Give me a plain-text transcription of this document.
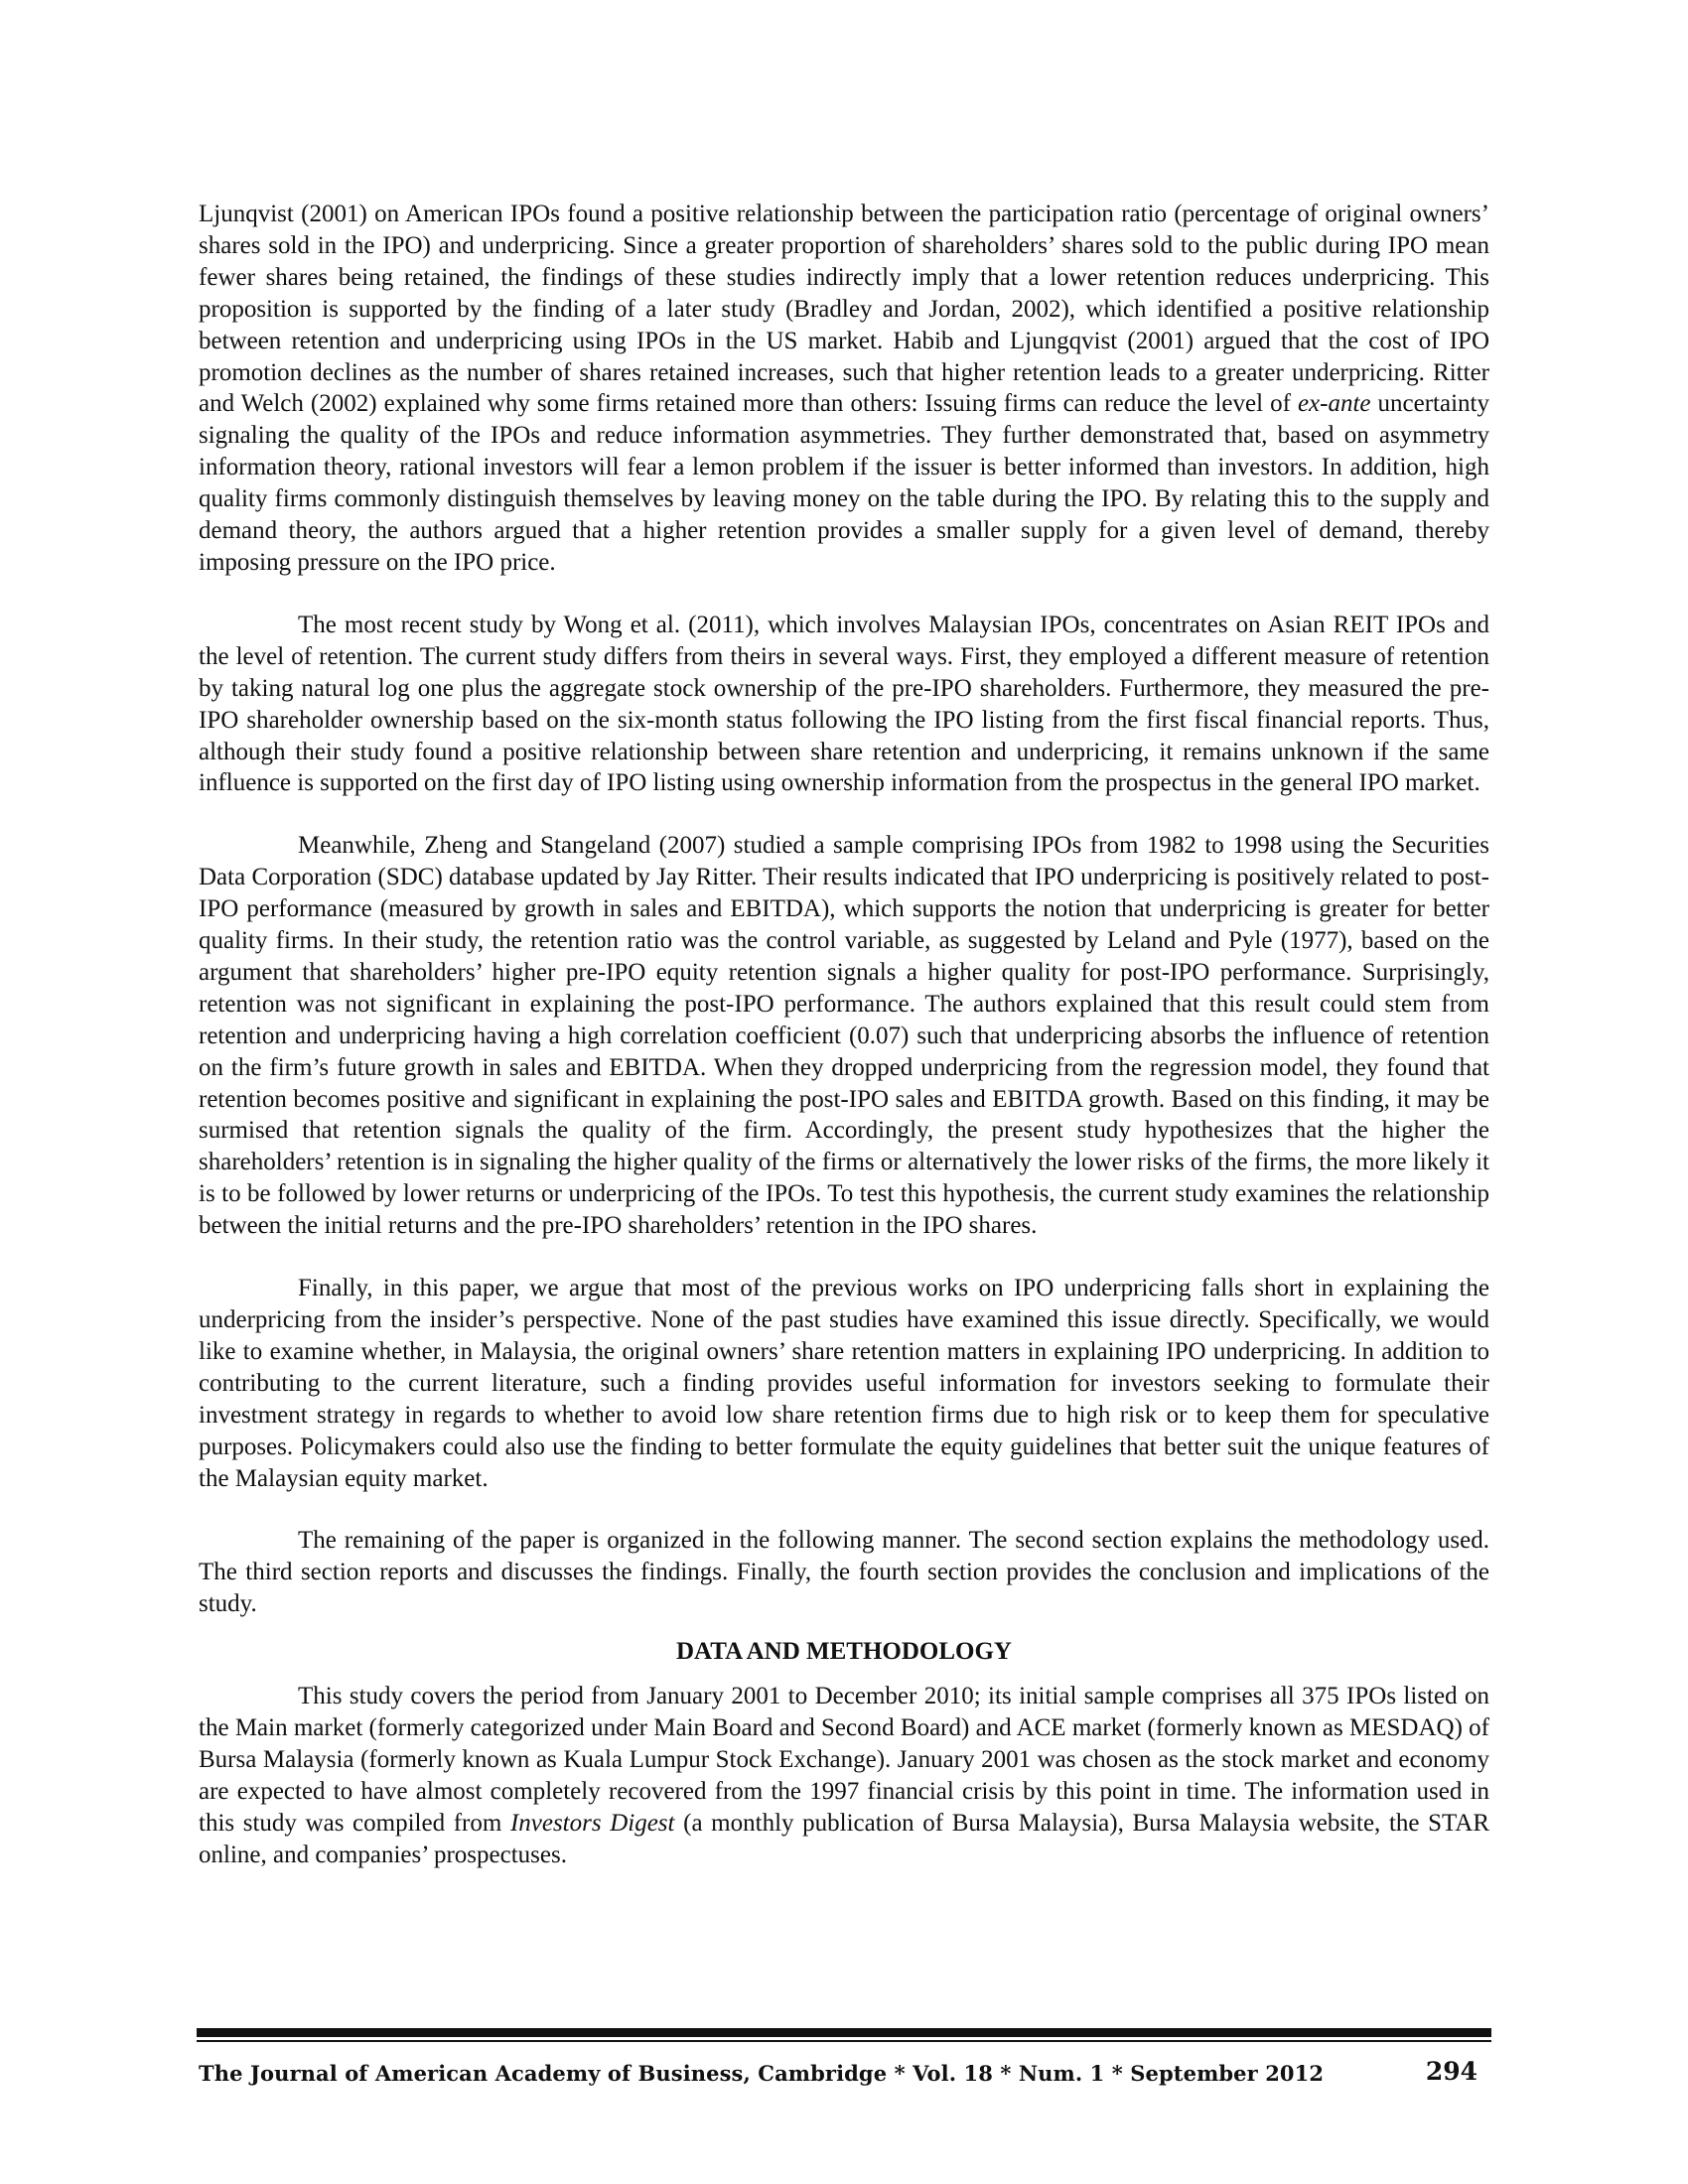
Ljunqvist (2001) on American IPOs found a positive relationship between the participation ratio (percentage of original owners’ shares sold in the IPO) and underpricing. Since a greater proportion of shareholders’ shares sold to the public during IPO mean fewer shares being retained, the findings of these studies indirectly imply that a lower retention reduces underpricing. This proposition is supported by the finding of a later study (Bradley and Jordan, 2002), which identified a positive relationship between retention and underpricing using IPOs in the US market. Habib and Ljungqvist (2001) argued that the cost of IPO promotion declines as the number of shares retained increases, such that higher retention leads to a greater underpricing. Ritter and Welch (2002) explained why some firms retained more than others: Issuing firms can reduce the level of ex-ante uncertainty signaling the quality of the IPOs and reduce information asymmetries. They further demonstrated that, based on asymmetry information theory, rational investors will fear a lemon problem if the issuer is better informed than investors. In addition, high quality firms commonly distinguish themselves by leaving money on the table during the IPO. By relating this to the supply and demand theory, the authors argued that a higher retention provides a smaller supply for a given level of demand, thereby imposing pressure on the IPO price.

The most recent study by Wong et al. (2011), which involves Malaysian IPOs, concentrates on Asian REIT IPOs and the level of retention. The current study differs from theirs in several ways. First, they employed a different measure of retention by taking natural log one plus the aggregate stock ownership of the pre-IPO shareholders. Furthermore, they measured the pre-IPO shareholder ownership based on the six-month status following the IPO listing from the first fiscal financial reports. Thus, although their study found a positive relationship between share retention and underpricing, it remains unknown if the same influence is supported on the first day of IPO listing using ownership information from the prospectus in the general IPO market.

Meanwhile, Zheng and Stangeland (2007) studied a sample comprising IPOs from 1982 to 1998 using the Securities Data Corporation (SDC) database updated by Jay Ritter. Their results indicated that IPO underpricing is positively related to post-IPO performance (measured by growth in sales and EBITDA), which supports the notion that underpricing is greater for better quality firms. In their study, the retention ratio was the control variable, as suggested by Leland and Pyle (1977), based on the argument that shareholders’ higher pre-IPO equity retention signals a higher quality for post-IPO performance. Surprisingly, retention was not significant in explaining the post-IPO performance. The authors explained that this result could stem from retention and underpricing having a high correlation coefficient (0.07) such that underpricing absorbs the influence of retention on the firm’s future growth in sales and EBITDA. When they dropped underpricing from the regression model, they found that retention becomes positive and significant in explaining the post-IPO sales and EBITDA growth. Based on this finding, it may be surmised that retention signals the quality of the firm. Accordingly, the present study hypothesizes that the higher the shareholders’ retention is in signaling the higher quality of the firms or alternatively the lower risks of the firms, the more likely it is to be followed by lower returns or underpricing of the IPOs. To test this hypothesis, the current study examines the relationship between the initial returns and the pre-IPO shareholders’ retention in the IPO shares.

Finally, in this paper, we argue that most of the previous works on IPO underpricing falls short in explaining the underpricing from the insider’s perspective. None of the past studies have examined this issue directly. Specifically, we would like to examine whether, in Malaysia, the original owners’ share retention matters in explaining IPO underpricing. In addition to contributing to the current literature, such a finding provides useful information for investors seeking to formulate their investment strategy in regards to whether to avoid low share retention firms due to high risk or to keep them for speculative purposes. Policymakers could also use the finding to better formulate the equity guidelines that better suit the unique features of the Malaysian equity market.

The remaining of the paper is organized in the following manner. The second section explains the methodology used. The third section reports and discusses the findings. Finally, the fourth section provides the conclusion and implications of the study.

DATA AND METHODOLOGY

This study covers the period from January 2001 to December 2010; its initial sample comprises all 375 IPOs listed on the Main market (formerly categorized under Main Board and Second Board) and ACE market (formerly known as MESDAQ) of Bursa Malaysia (formerly known as Kuala Lumpur Stock Exchange). January 2001 was chosen as the stock market and economy are expected to have almost completely recovered from the 1997 financial crisis by this point in time. The information used in this study was compiled from Investors Digest (a monthly publication of Bursa Malaysia), Bursa Malaysia website, the STAR online, and companies’ prospectuses.

The Journal of American Academy of Business, Cambridge * Vol. 18 * Num. 1 * September 2012	294
